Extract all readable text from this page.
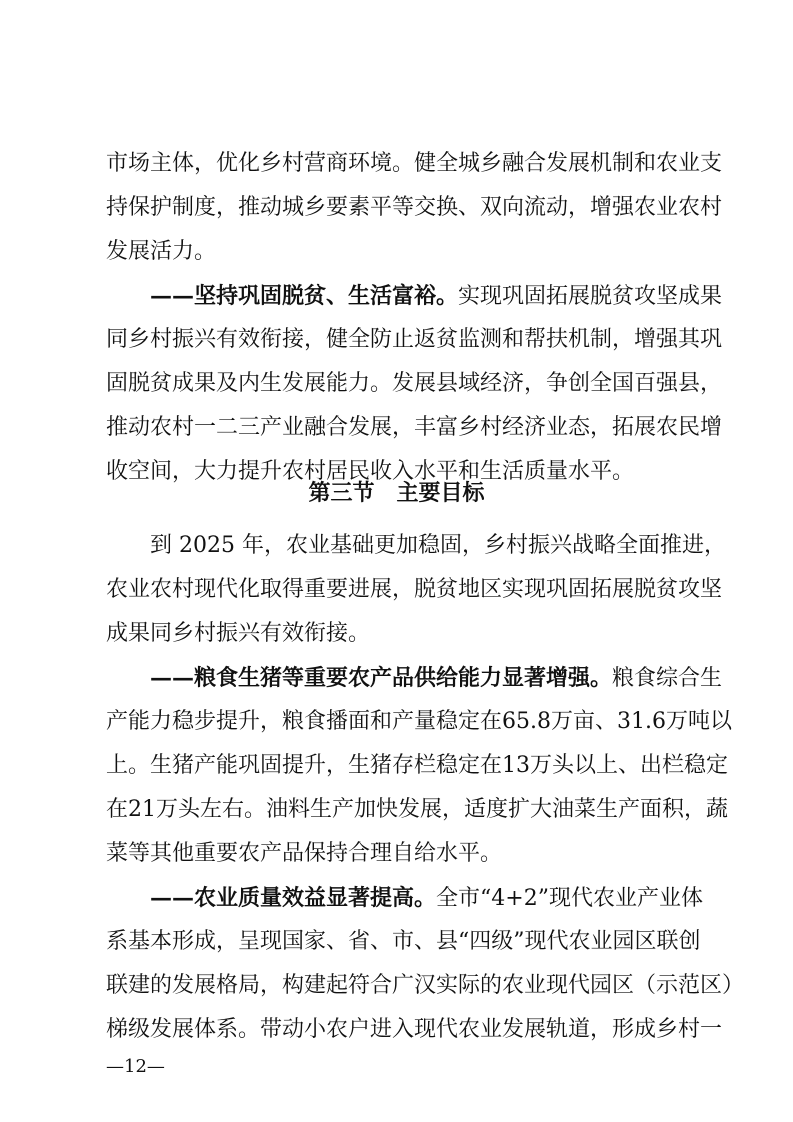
市场主体，优化乡村营商环境。健全城乡融合发展机制和农业支
持保护制度，推动城乡要素平等交换、双向流动，增强农业农村
发展活力。
——坚持巩固脱贫、生活富裕。实现巩固拓展脱贫攻坚成果
同乡村振兴有效衔接，健全防止返贫监测和帮扶机制，增强其巩
固脱贫成果及内生发展能力。发展县域经济，争创全国百强县，
推动农村一二三产业融合发展，丰富乡村经济业态，拓展农民增
收空间，大力提升农村居民收入水平和生活质量水平。
第三节　主要目标
到 2025 年，农业基础更加稳固，乡村振兴战略全面推进，
农业农村现代化取得重要进展，脱贫地区实现巩固拓展脱贫攻坚
成果同乡村振兴有效衔接。
——粮食生猪等重要农产品供给能力显著增强。粮食综合生
产能力稳步提升，粮食播面和产量稳定在65.8万亩、31.6万吨以
上。生猪产能巩固提升，生猪存栏稳定在13万头以上、出栏稳定
在21万头左右。油料生产加快发展，适度扩大油菜生产面积，蔬
菜等其他重要农产品保持合理自给水平。
——农业质量效益显著提高。全市“4+2”现代农业产业体
系基本形成，呈现国家、省、市、县“四级”现代农业园区联创
联建的发展格局，构建起符合广汉实际的农业现代园区（示范区）
梯级发展体系。带动小农户进入现代农业发展轨道，形成乡村一
—12—
